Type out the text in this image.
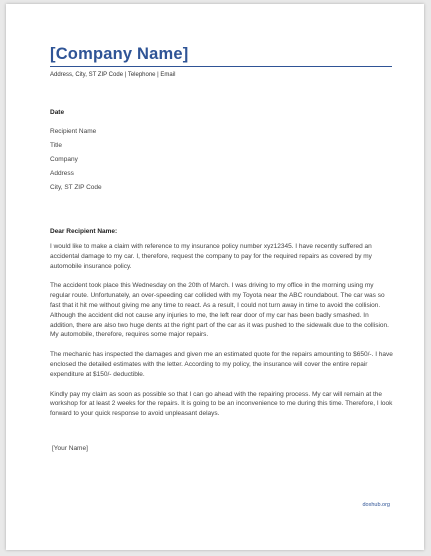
[Company Name]
Address, City, ST ZIP Code | Telephone | Email
Date
Recipient Name
Title
Company
Address
City, ST ZIP Code
Dear Recipient Name:

I would like to make a claim with reference to my insurance policy number xyz12345. I have recently suffered an accidental damage to my car. I, therefore, request the company to pay for the required repairs as covered by my automobile insurance policy.

The accident took place this Wednesday on the 20th of March. I was driving to my office in the morning using my regular route. Unfortunately, an over-speeding car collided with my Toyota near the ABC roundabout. The car was so fast that it hit me without giving me any time to react. As a result, I could not turn away in time to avoid the collision. Although the accident did not cause any injuries to me, the left rear door of my car has been badly smashed. In addition, there are also two huge dents at the right part of the car as it was pushed to the sidewalk due to the collision. My automobile, therefore, requires some major repairs.

The mechanic has inspected the damages and given me an estimated quote for the repairs amounting to $650/-. I have enclosed the detailed estimates with the letter. According to my policy, the insurance will cover the entire repair expenditure at $150/- deductible.

Kindly pay my claim as soon as possible so that I can go ahead with the repairing process. My car will remain at the workshop for at least 2 weeks for the repairs. It is going to be an inconvenience to me during this time. Therefore, I look forward to your quick response to avoid unpleasant delays.

[Your Name]
doxhub.org
